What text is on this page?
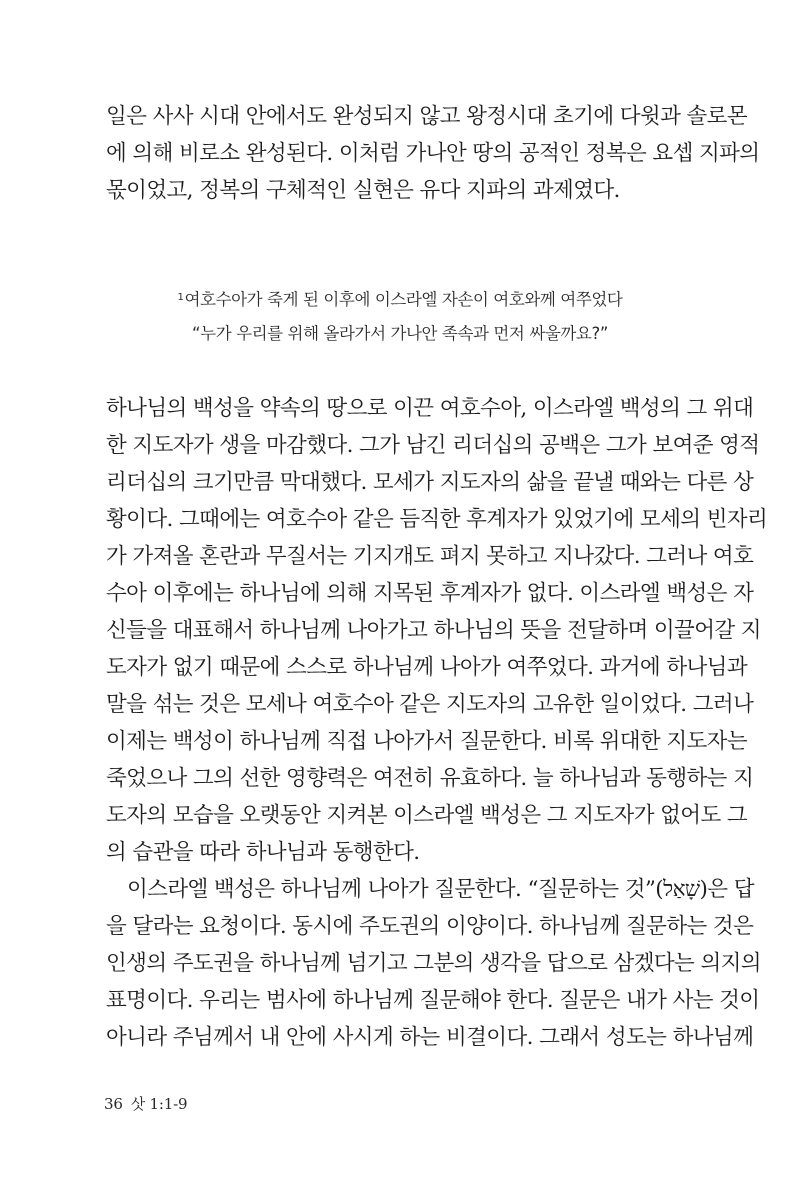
일은 사사 시대 안에서도 완성되지 않고 왕정시대 초기에 다윗과 솔로몬
에 의해 비로소 완성된다. 이처럼 가나안 땅의 공적인 정복은 요셉 지파의
몫이었고, 정복의 구체적인 실현은 유다 지파의 과제였다.

$^1$여호수아가 죽게 된 이후에 이스라엘 자손이 여호와께 여쭈었다
“누가 우리를 위해 올라가서 가나안 족속과 먼저 싸울까요?”

하나님의 백성을 약속의 땅으로 이끈 여호수아, 이스라엘 백성의 그 위대
한 지도자가 생을 마감했다. 그가 남긴 리더십의 공백은 그가 보여준 영적
리더십의 크기만큼 막대했다. 모세가 지도자의 삶을 끝낼 때와는 다른 상
황이다. 그때에는 여호수아 같은 듬직한 후계자가 있었기에 모세의 빈자리
가 가져올 혼란과 무질서는 기지개도 펴지 못하고 지나갔다. 그러나 여호
수아 이후에는 하나님에 의해 지목된 후계자가 없다. 이스라엘 백성은 자
신들을 대표해서 하나님께 나아가고 하나님의 뜻을 전달하며 이끌어갈 지
도자가 없기 때문에 스스로 하나님께 나아가 여쭈었다. 과거에 하나님과
말을 섞는 것은 모세나 여호수아 같은 지도자의 고유한 일이었다. 그러나
이제는 백성이 하나님께 직접 나아가서 질문한다. 비록 위대한 지도자는
죽었으나 그의 선한 영향력은 여전히 유효하다. 늘 하나님과 동행하는 지
도자의 모습을 오랫동안 지켜본 이스라엘 백성은 그 지도자가 없어도 그
의 습관을 따라 하나님과 동행한다.

이스라엘 백성은 하나님께 나아가 질문한다. “질문하는 것”(שָׁאַל)은 답
을 달라는 요청이다. 동시에 주도권의 이양이다. 하나님께 질문하는 것은
인생의 주도권을 하나님께 넘기고 그분의 생각을 답으로 삼겠다는 의지의
표명이다. 우리는 범사에 하나님께 질문해야 한다. 질문은 내가 사는 것이
아니라 주님께서 내 안에 사시게 하는 비결이다. 그래서 성도는 하나님께

36 삿 1:1-9
